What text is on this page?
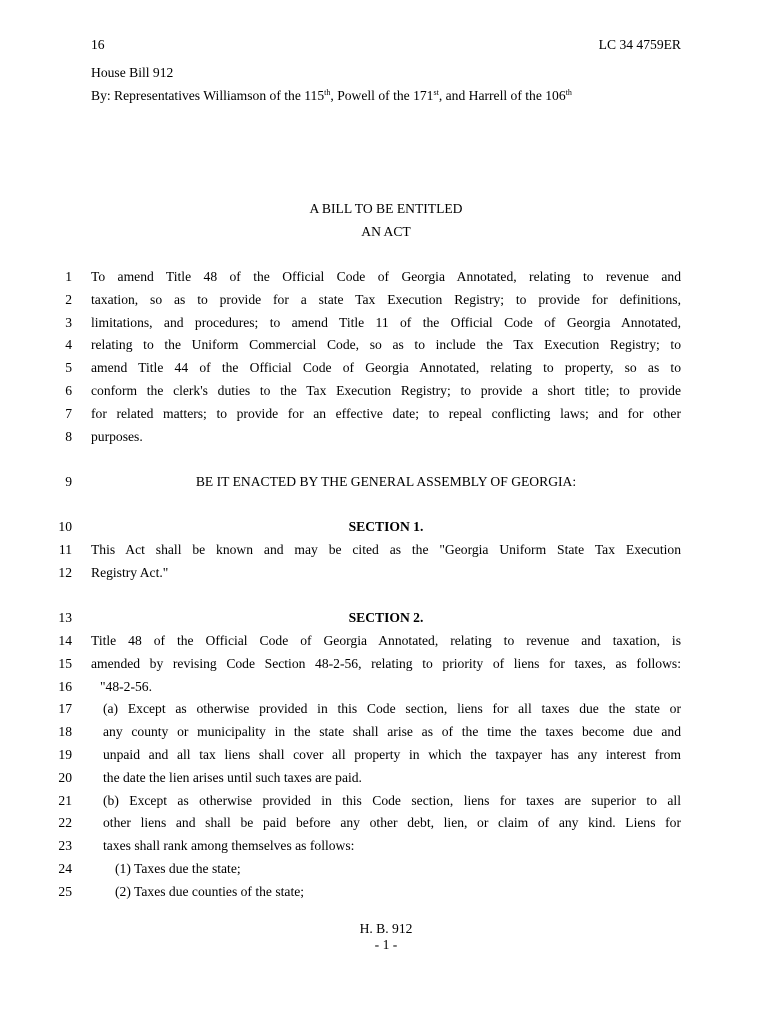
16	LC 34 4759ER
House Bill 912
By: Representatives Williamson of the 115th, Powell of the 171st, and Harrell of the 106th
A BILL TO BE ENTITLED
AN ACT
1 To amend Title 48 of the Official Code of Georgia Annotated, relating to revenue and
2 taxation, so as to provide for a state Tax Execution Registry; to provide for definitions,
3 limitations, and procedures; to amend Title 11 of the Official Code of Georgia Annotated,
4 relating to the Uniform Commercial Code, so as to include the Tax Execution Registry; to
5 amend Title 44 of the Official Code of Georgia Annotated, relating to property, so as to
6 conform the clerk's duties to the Tax Execution Registry; to provide a short title; to provide
7 for related matters; to provide for an effective date; to repeal conflicting laws; and for other
8 purposes.
9	BE IT ENACTED BY THE GENERAL ASSEMBLY OF GEORGIA:
10	SECTION 1.
11 This Act shall be known and may be cited as the "Georgia Uniform State Tax Execution
12 Registry Act."
13	SECTION 2.
14 Title 48 of the Official Code of Georgia Annotated, relating to revenue and taxation, is
15 amended by revising Code Section 48-2-56, relating to priority of liens for taxes, as follows:
16 "48-2-56.
17 (a) Except as otherwise provided in this Code section, liens for all taxes due the state or
18 any county or municipality in the state shall arise as of the time the taxes become due and
19 unpaid and all tax liens shall cover all property in which the taxpayer has any interest from
20 the date the lien arises until such taxes are paid.
21 (b) Except as otherwise provided in this Code section, liens for taxes are superior to all
22 other liens and shall be paid before any other debt, lien, or claim of any kind. Liens for
23 taxes shall rank among themselves as follows:
24	(1) Taxes due the state;
25	(2) Taxes due counties of the state;
H. B. 912
- 1 -
